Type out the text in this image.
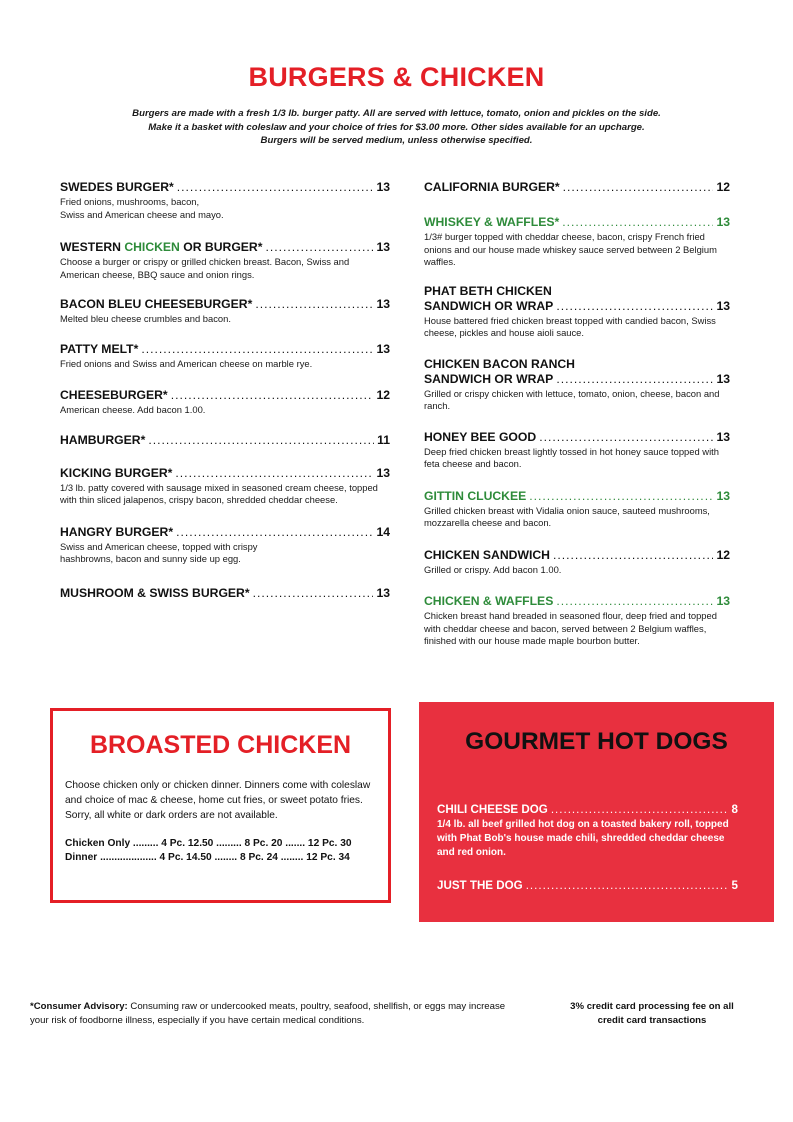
BURGERS & CHICKEN
Burgers are made with a fresh 1/3 lb. burger patty. All are served with lettuce, tomato, onion and pickles on the side.
Make it a basket with coleslaw and your choice of fries for $3.00 more. Other sides available for an upcharge.
Burgers will be served medium, unless otherwise specified.
SWEDES BURGER* .....	13
Fried onions, mushrooms, bacon,
Swiss and American cheese and mayo.
WESTERN CHICKEN OR BURGER* .....	13
Choose a burger or crispy or grilled chicken breast. Bacon, Swiss and American cheese, BBQ sauce and onion rings.
BACON BLEU CHEESEBURGER* .....	13
Melted bleu cheese crumbles and bacon.
PATTY MELT* .....	13
Fried onions and Swiss and American cheese on marble rye.
CHEESEBURGER* .....	12
American cheese. Add bacon 1.00.
HAMBURGER* .....	11
KICKING BURGER* .....	13
1/3 lb. patty covered with sausage mixed in seasoned cream cheese, topped with thin sliced jalapenos, crispy bacon, shredded cheddar cheese.
HANGRY BURGER* .....	14
Swiss and American cheese, topped with crispy
hashbrowns, bacon and sunny side up egg.
MUSHROOM & SWISS BURGER* .....	13
CALIFORNIA BURGER* .....	12
WHISKEY & WAFFLES* .....	13
1/3# burger topped with cheddar cheese, bacon, crispy French fried onions and our house made whiskey sauce served between 2 Belgium waffles.
PHAT BETH CHICKEN
SANDWICH OR WRAP .....	13
House battered fried chicken breast topped with candied bacon, Swiss cheese, pickles and house aioli sauce.
CHICKEN BACON RANCH
SANDWICH OR WRAP .....	13
Grilled or crispy chicken with lettuce, tomato, onion, cheese, bacon and ranch.
HONEY BEE GOOD .....	13
Deep fried chicken breast lightly tossed in hot honey sauce topped with feta cheese and bacon.
GITTIN CLUCKEE .....	13
Grilled chicken breast with Vidalia onion sauce, sauteed mushrooms, mozzarella cheese and bacon.
CHICKEN SANDWICH .....	12
Grilled or crispy. Add bacon 1.00.
CHICKEN & WAFFLES .....	13
Chicken breast hand breaded in seasoned flour, deep fried and topped with cheddar cheese and bacon, served between 2 Belgium waffles, finished with our house made maple bourbon butter.
BROASTED CHICKEN
Choose chicken only or chicken dinner. Dinners come with coleslaw and choice of mac & cheese, home cut fries, or sweet potato fries. Sorry, all white or dark orders are not available.
Chicken Only ......... 4 Pc. 12.50 ......... 8 Pc. 20 ....... 12 Pc. 30
Dinner .................... 4 Pc. 14.50 ........ 8 Pc. 24 ........ 12 Pc. 34
GOURMET HOT DOGS
CHILI CHEESE DOG .....	8
1/4 lb. all beef grilled hot dog on a toasted bakery roll, topped with Phat Bob's house made chili, shredded cheddar cheese and red onion.
JUST THE DOG .....	5
*Consumer Advisory: Consuming raw or undercooked meats, poultry, seafood, shellfish, or eggs may increase your risk of foodborne illness, especially if you have certain medical conditions.
3% credit card processing fee on all credit card transactions
